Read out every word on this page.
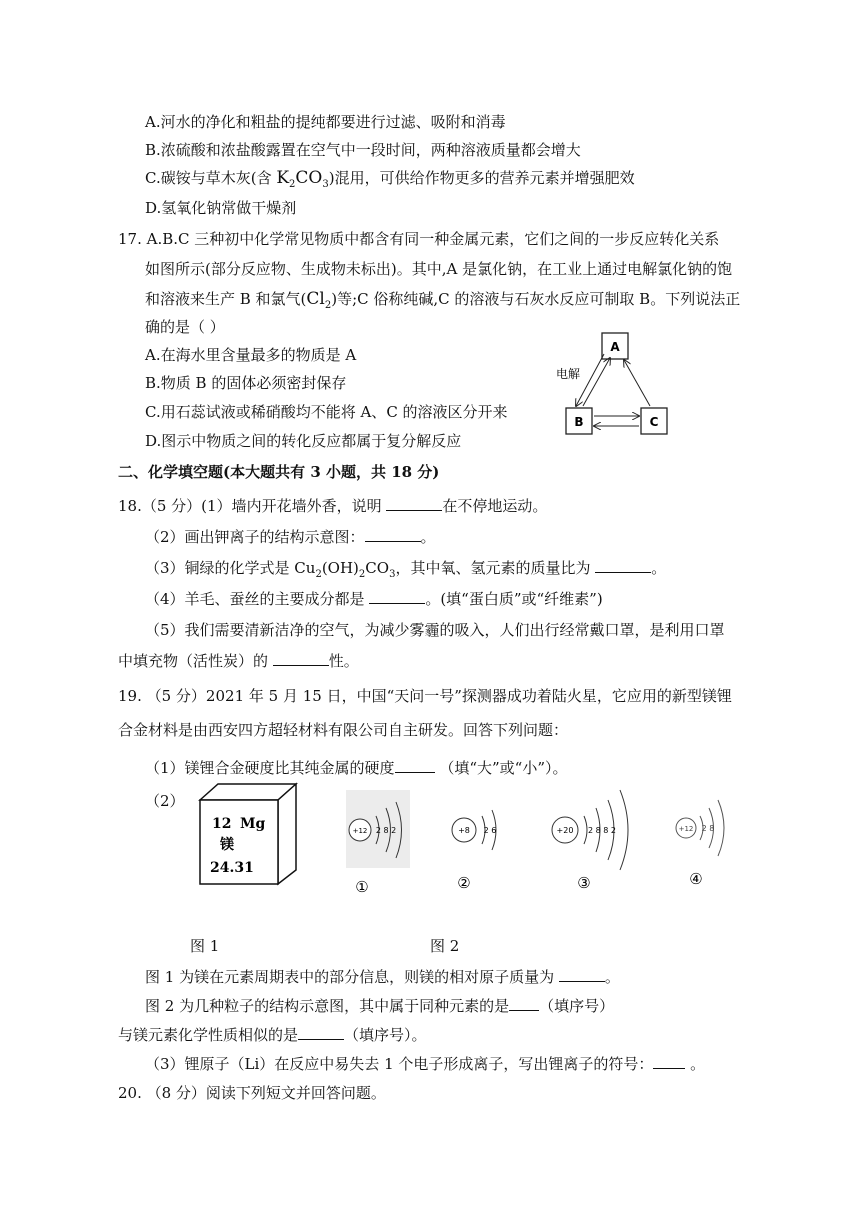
A.河水的净化和粗盐的提纯都要进行过滤、吸附和消毒
B.浓硫酸和浓盐酸露置在空气中一段时间，两种溶液质量都会增大
C.碳铵与草木灰(含 $K_2CO_3$)混用，可供给作物更多的营养元素并增强肥效
D.氢氧化钠常做干燥剂
17. A.B.C 三种初中化学常见物质中都含有同一种金属元素，它们之间的一步反应转化关系
如图所示(部分反应物、生成物未标出)。其中,A 是氯化钠，在工业上通过电解氯化钠的饱
和溶液来生产 B 和氯气$(Cl_2)$等;C 俗称纯碱,C 的溶液与石灰水反应可制取 B。下列说法正
确的是（ ）
A.在海水里含量最多的物质是 A
B.物质 B 的固体必须密封保存
C.用石蕊试液或稀硝酸均不能将 A、C 的溶液区分开来
D.图示中物质之间的转化反应都属于复分解反应
A
B	C
电解
二、化学填空题(本大题共有 3 小题，共 18 分)
18.（5 分）(1）墙内开花墙外香，说明	在不停地运动。
（2）画出钾离子的结构示意图：	。
（3）铜绿的化学式是 $Cu_2(OH)_2CO_3$，其中氧、氢元素的质量比为	。
（4）羊毛、蚕丝的主要成分都是	。(填“蛋白质”或“纤维素”)
（5）我们需要清新洁净的空气，为减少雾霾的吸入，人们出行经常戴口罩，是利用口罩
中填充物（活性炭）的	性。
19. （5 分）2021 年 5 月 15 日，中国“天问一号”探测器成功着陆火星，它应用的新型镁锂
合金材料是由西安四方超轻材料有限公司自主研发。回答下列问题：
（1）镁锂合金硬度比其纯金属的硬度	（填“大”或“小”）。
（2）
12 Mg
镁
24.31
+12 2 8 2
①
+8 2 6
②
+20 2 8 8 2
③
+12 2 8
④
图 1	图 2
图 1 为镁在元素周期表中的部分信息，则镁的相对原子质量为	。
图 2 为几种粒子的结构示意图，其中属于同种元素的是 （填序号）
与镁元素化学性质相似的是	（填序号）。
（3）锂原子（Li）在反应中易失去 1 个电子形成离子，写出锂离子的符号： 。
20. （8 分）阅读下列短文并回答问题。
